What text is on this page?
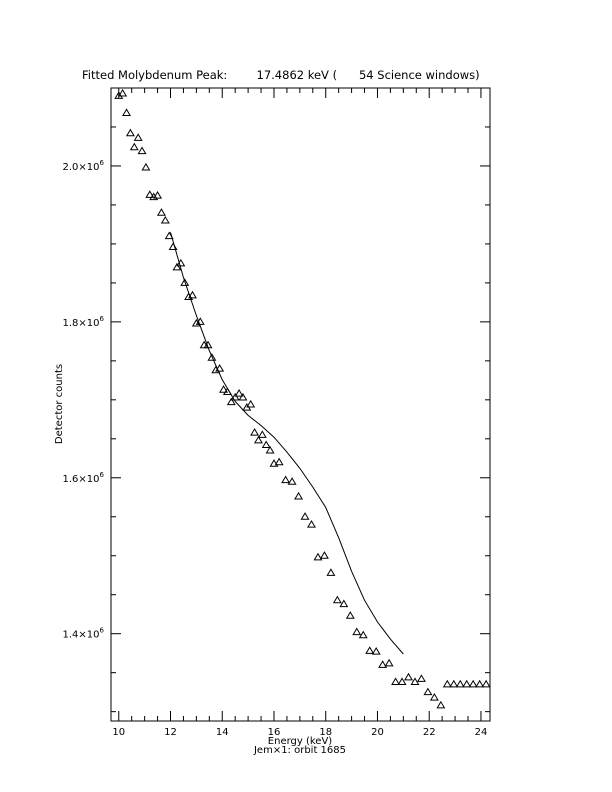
Fitted Molybdenum Peak:        17.4862 keV (      54 Science windows)
10	12	14	16	18	20	22	24
$1.4\times 10^6$
$1.6\times 10^6$
$1.8\times 10^6$
$2.0\times 10^6$
Energy (keV)
Jem×1: orbit 1685
Detector counts
